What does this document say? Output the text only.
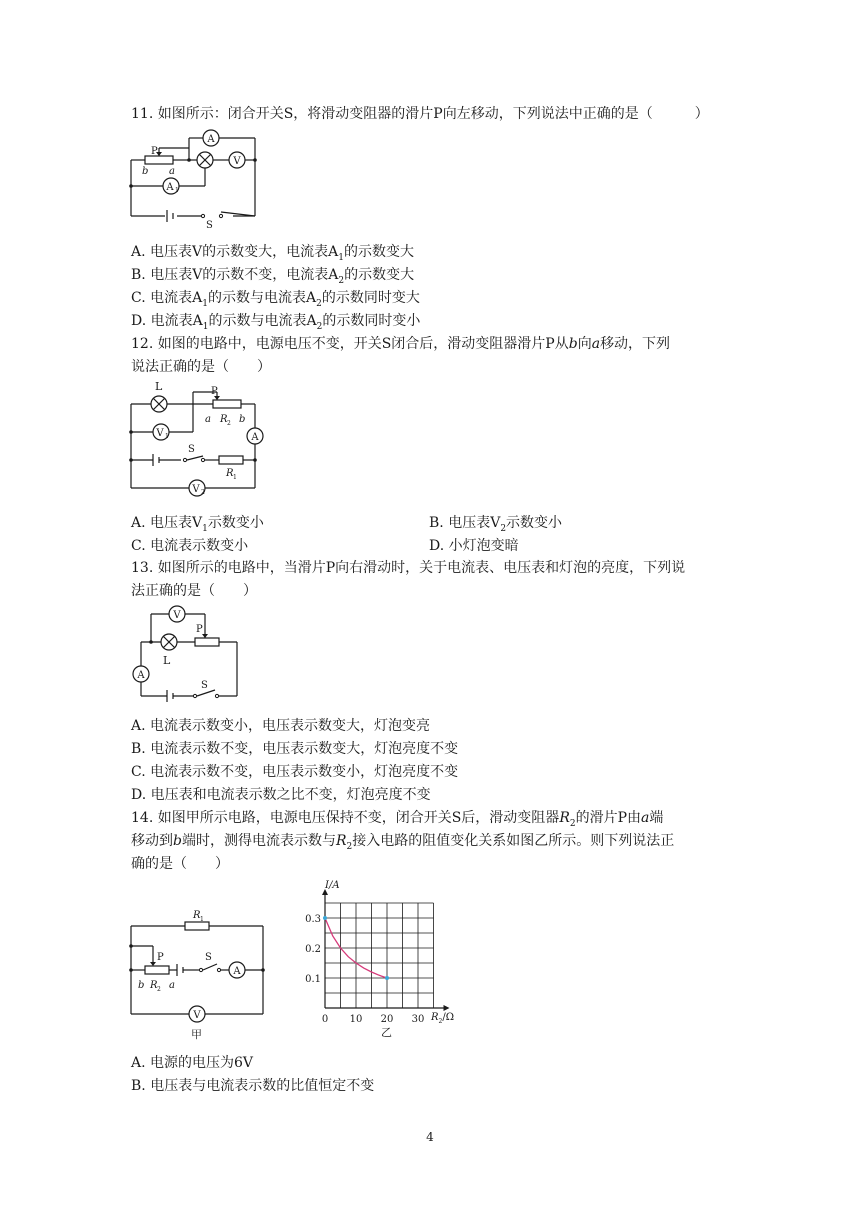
11. 如图所示：闭合开关S，将滑动变阻器的滑片P向左移动，下列说法中正确的是（　　　）
A
V
A 1
P
b a
S
A. 电压表V的示数变大，电流表$A_1$的示数变大
B. 电压表V的示数不变，电流表$A_2$的示数变大
C. 电流表$A_1$的示数与电流表$A_2$的示数同时变大
D. 电流表$A_1$的示数与电流表$A_2$的示数同时变小
12. 如图的电路中，电源电压不变，开关S闭合后，滑动变阻器滑片P从b向a移动，下列
说法正确的是（　　）
V 1	A
V 2
L	P
a R 2 b
S
R 1
A. 电压表$V_1$示数变小	B. 电压表$V_2$示数变小
C. 电流表示数变小	D. 小灯泡变暗
13. 如图所示的电路中，当滑片P向右滑动时，关于电流表、电压表和灯泡的亮度，下列说
法正确的是（　　）
V
A
P
L
S
A. 电流表示数变小，电压表示数变大，灯泡变亮
B. 电流表示数不变，电压表示数变大，灯泡亮度不变
C. 电流表示数不变，电压表示数变小，灯泡亮度不变
D. 电压表和电流表示数之比不变，灯泡亮度不变
14. 如图甲所示电路，电源电压保持不变，闭合开关S后，滑动变阻器$R_2$的滑片P由a端
移动到b端时，测得电流表示数与$R_2$接入电路的阻值变化关系如图乙所示。则下列说法正
确的是（　　）
A
V
R 1
P	S
b R 2 a
甲
0 10 20 30
0.1
0.2
0.3
I/A
$R_2/\Omega$
乙
A. 电源的电压为6V
B. 电压表与电流表示数的比值恒定不变
4
